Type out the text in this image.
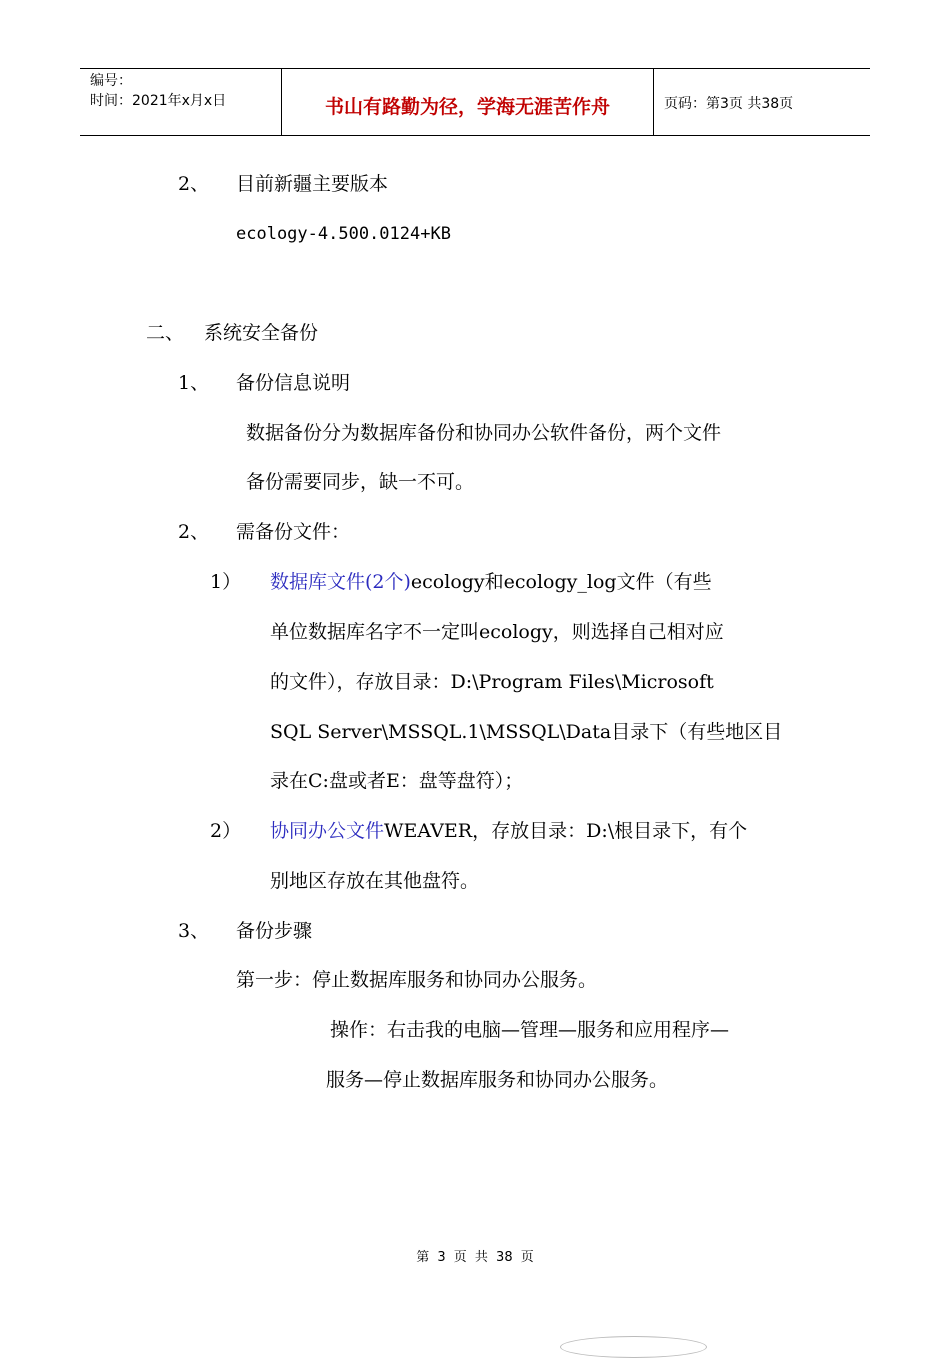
编号：
时间：2021年x月x日	书山有路勤为径，学海无涯苦作舟	页码：第3页 共38页
2、 目前新疆主要版本
ecology-4.500.0124+KB
二、 系统安全备份
1、 备份信息说明
数据备份分为数据库备份和协同办公软件备份，两个文件
备份需要同步，缺一不可。
2、 需备份文件：
1） 数据库文件(2个)ecology和ecology_log文件（有些
单位数据库名字不一定叫ecology，则选择自己相对应
的文件），存放目录：D:\Program Files\Microsoft
SQL Server\MSSQL.1\MSSQL\Data目录下（有些地区目
录在C:盘或者E：盘等盘符）；
2） 协同办公文件WEAVER，存放目录：D:\根目录下，有个
别地区存放在其他盘符。
3、 备份步骤
第一步：停止数据库服务和协同办公服务。
操作：右击我的电脑—管理—服务和应用程序—
服务—停止数据库服务和协同办公服务。
第 3 页 共 38 页
